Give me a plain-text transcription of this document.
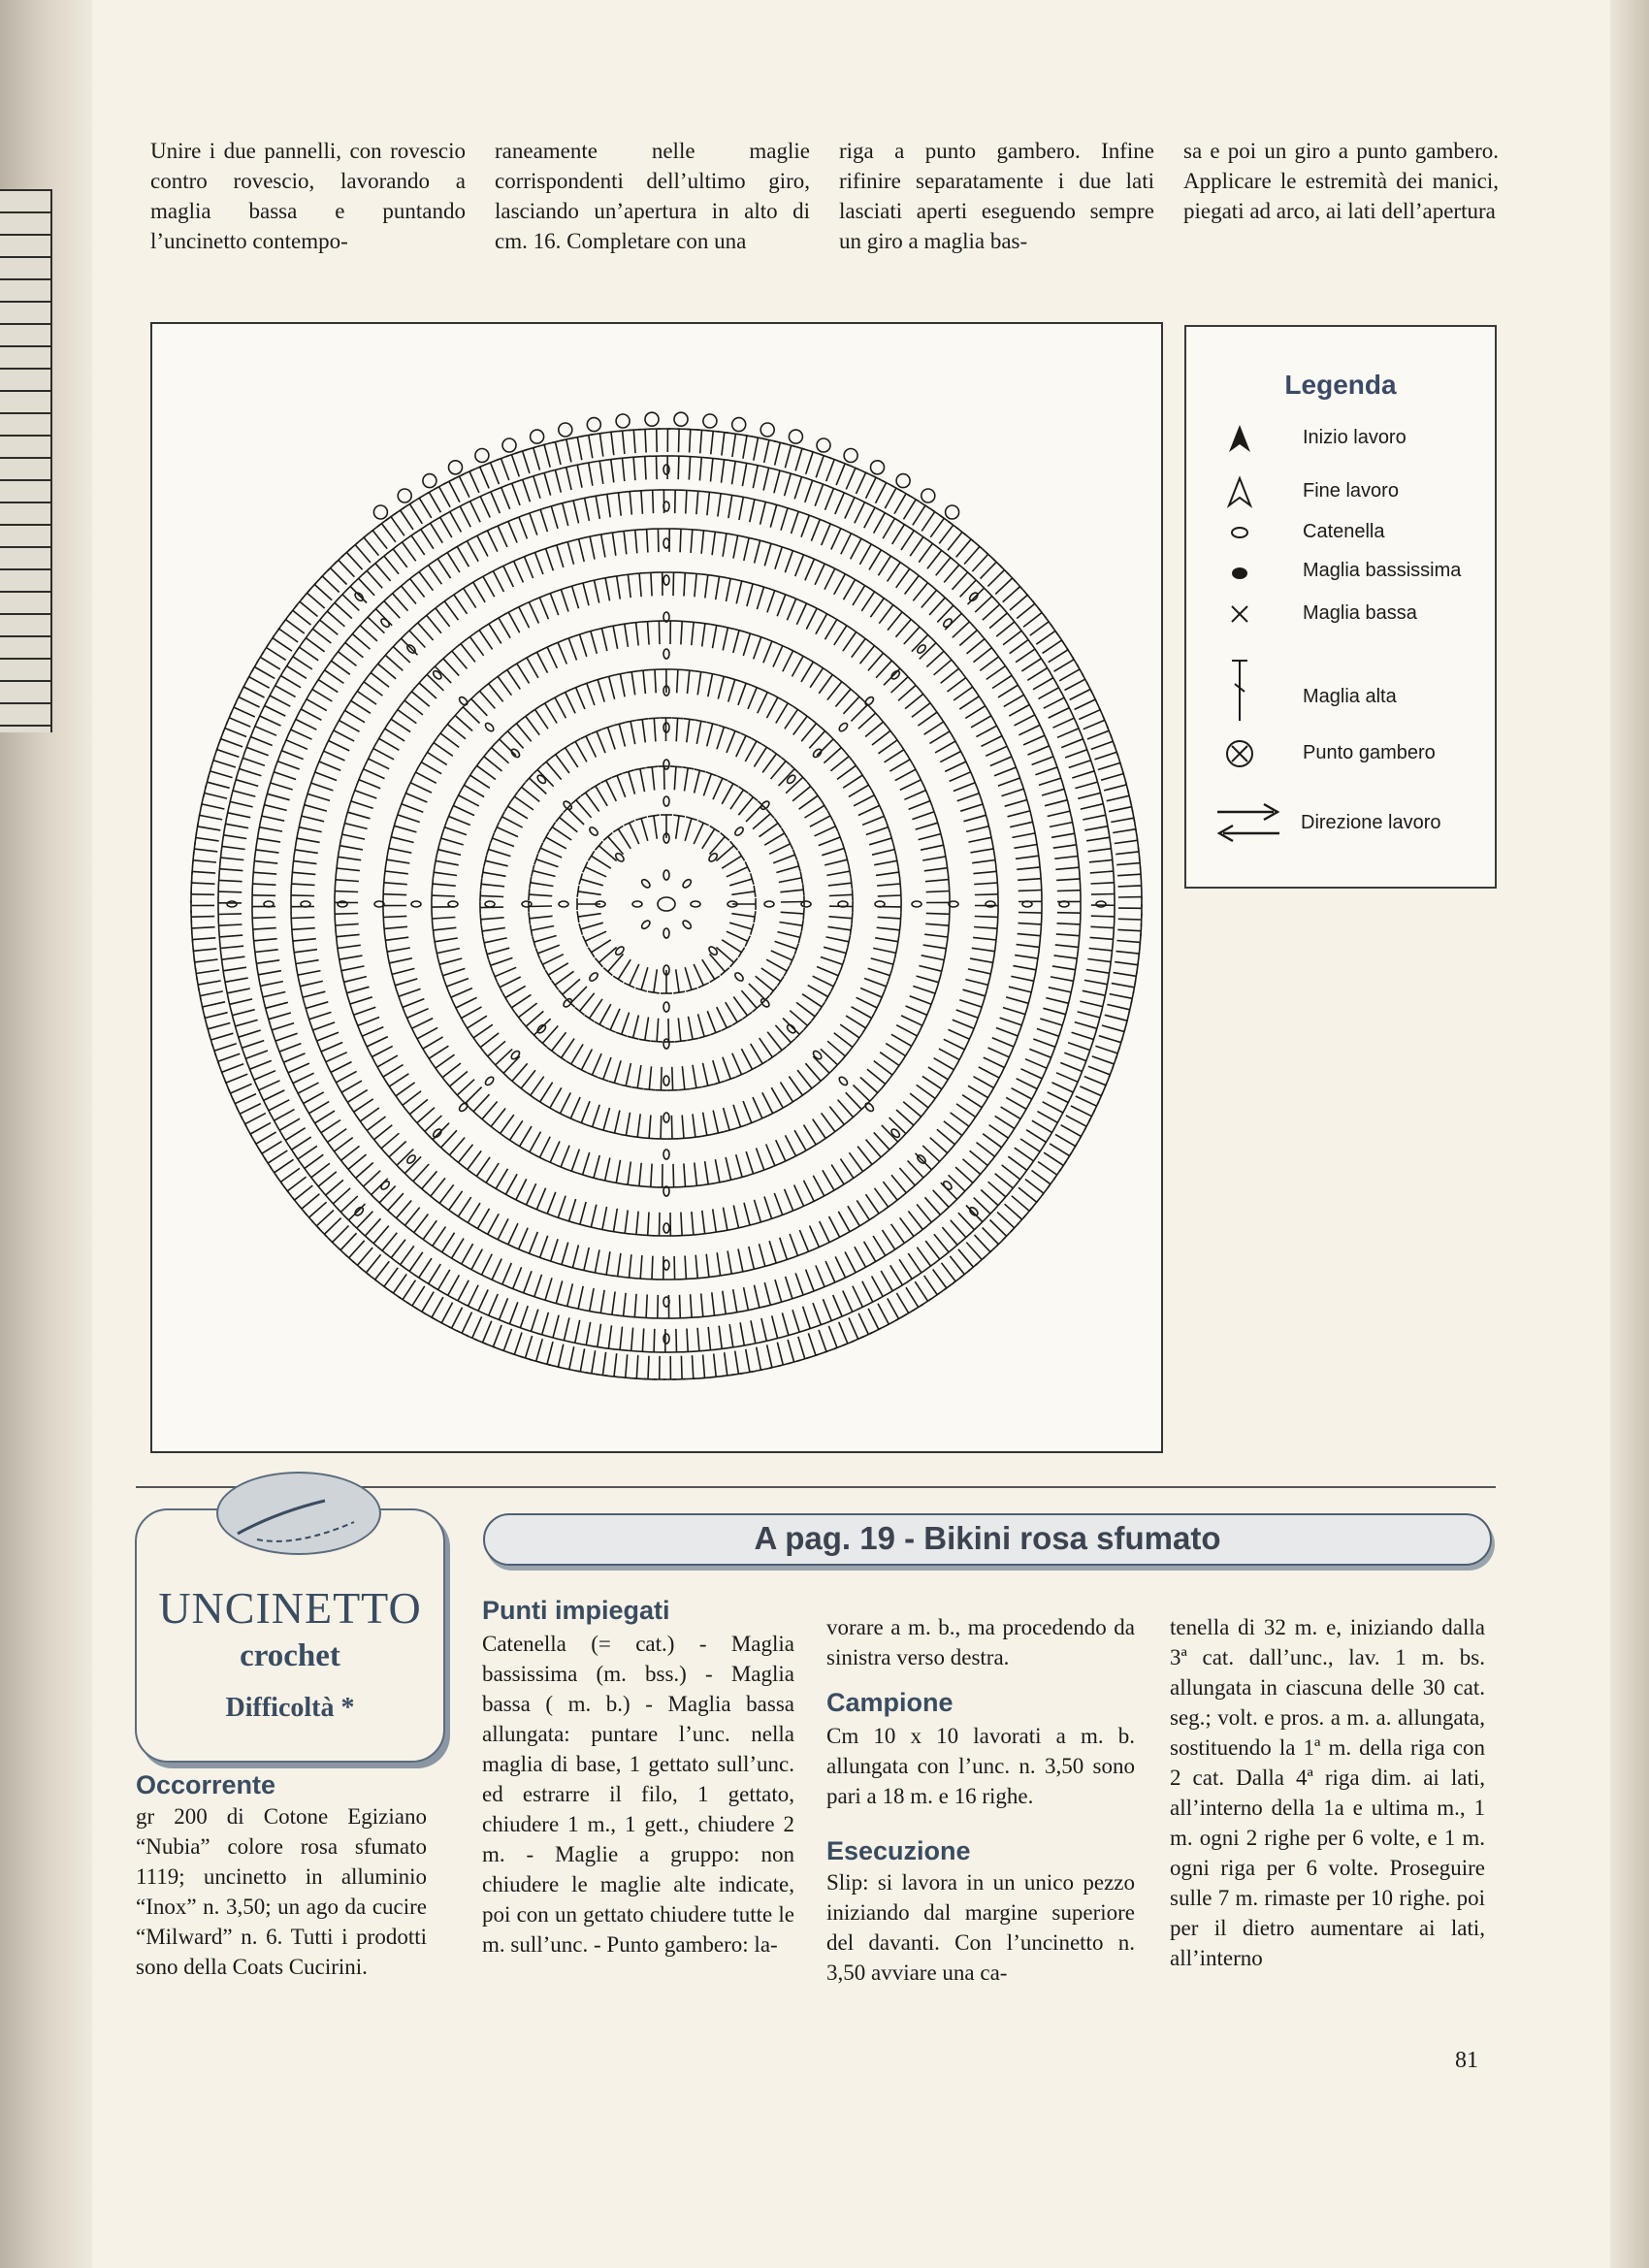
Unire i due pannelli, con rovescio contro rovescio, lavorando a maglia bassa e puntando l’uncinetto contempo-
raneamente nelle maglie corrispondenti dell’ultimo giro, lasciando un’apertura in alto di cm. 16. Completare con una
riga a punto gambero. Infine rifinire separatamente i due lati lasciati aperti eseguendo sempre un giro a maglia bas-
sa e poi un giro a punto gambero. Applicare le estremità dei manici, piegati ad arco, ai lati dell’apertura
Legenda
Inizio lavoro
Fine lavoro
Catenella
Maglia bassissima
Maglia bassa
Maglia alta
Punto gambero
Direzione lavoro
UNCINETTO
crochet
Difficoltà *
A pag. 19 - Bikini rosa sfumato
Occorrente
gr 200 di Cotone Egiziano “Nubia” colore rosa sfumato 1119; uncinetto in alluminio “Inox” n. 3,50; un ago da cucire “Milward” n. 6. Tutti i prodotti sono della Coats Cucirini.
Punti impiegati
Catenella (= cat.) - Maglia bassissima (m. bss.) - Maglia bassa ( m. b.) - Maglia bassa allungata: puntare l’unc. nella maglia di base, 1 gettato sull’unc. ed estrarre il filo, 1 gettato, chiudere 1 m., 1 gett., chiudere 2 m. - Maglie a gruppo: non chiudere le maglie alte indicate, poi con un gettato chiudere tutte le m. sull’unc. - Punto gambero: la-
vorare a m. b., ma procedendo da sinistra verso destra.
Campione
Cm 10 x 10 lavorati a m. b. allungata con l’unc. n. 3,50 sono pari a 18 m. e 16 righe.
Esecuzione
Slip: si lavora in un unico pezzo iniziando dal margine superiore del davanti. Con l’uncinetto n. 3,50 avviare una ca-
tenella di 32 m. e, iniziando dalla 3ª cat. dall’unc., lav. 1 m. bs. allungata in ciascuna delle 30 cat. seg.; volt. e pros. a m. a. allungata, sostituendo la 1ª m. della riga con 2 cat. Dalla 4ª riga dim. ai lati, all’interno della 1a e ultima m., 1 m. ogni 2 righe per 6 volte, e 1 m. ogni riga per 6 volte. Proseguire sulle 7 m. rimaste per 10 righe. poi per il dietro aumentare ai lati, all’interno
81
